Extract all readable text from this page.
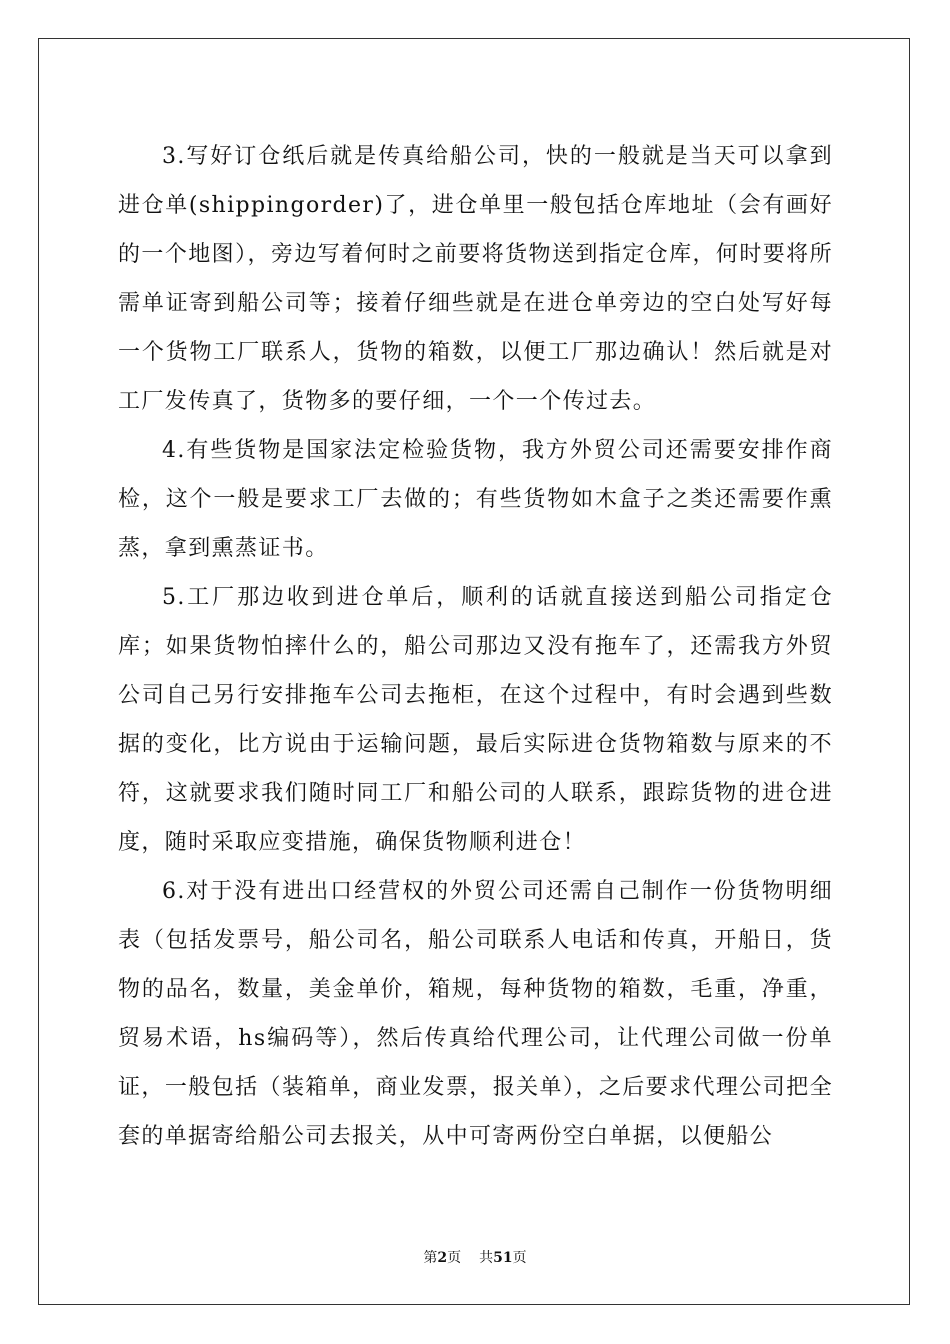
3.写好订仓纸后就是传真给船公司，快的一般就是当天可以拿到进仓单(shippingorder)了，进仓单里一般包括仓库地址（会有画好的一个地图），旁边写着何时之前要将货物送到指定仓库，何时要将所需单证寄到船公司等；接着仔细些就是在进仓单旁边的空白处写好每一个货物工厂联系人，货物的箱数，以便工厂那边确认！然后就是对工厂发传真了，货物多的要仔细，一个一个传过去。

4.有些货物是国家法定检验货物，我方外贸公司还需要安排作商检，这个一般是要求工厂去做的；有些货物如木盒子之类还需要作熏蒸，拿到熏蒸证书。

5.工厂那边收到进仓单后，顺利的话就直接送到船公司指定仓库；如果货物怕摔什么的，船公司那边又没有拖车了，还需我方外贸公司自己另行安排拖车公司去拖柜，在这个过程中，有时会遇到些数据的变化，比方说由于运输问题，最后实际进仓货物箱数与原来的不符，这就要求我们随时同工厂和船公司的人联系，跟踪货物的进仓进度，随时采取应变措施，确保货物顺利进仓！

6.对于没有进出口经营权的外贸公司还需自己制作一份货物明细表（包括发票号，船公司名，船公司联系人电话和传真，开船日，货物的品名，数量，美金单价，箱规，每种货物的箱数，毛重，净重，贸易术语，hs编码等），然后传真给代理公司，让代理公司做一份单证，一般包括（装箱单，商业发票，报关单），之后要求代理公司把全套的单据寄给船公司去报关，从中可寄两份空白单据，以便船公

第2页 共51页
